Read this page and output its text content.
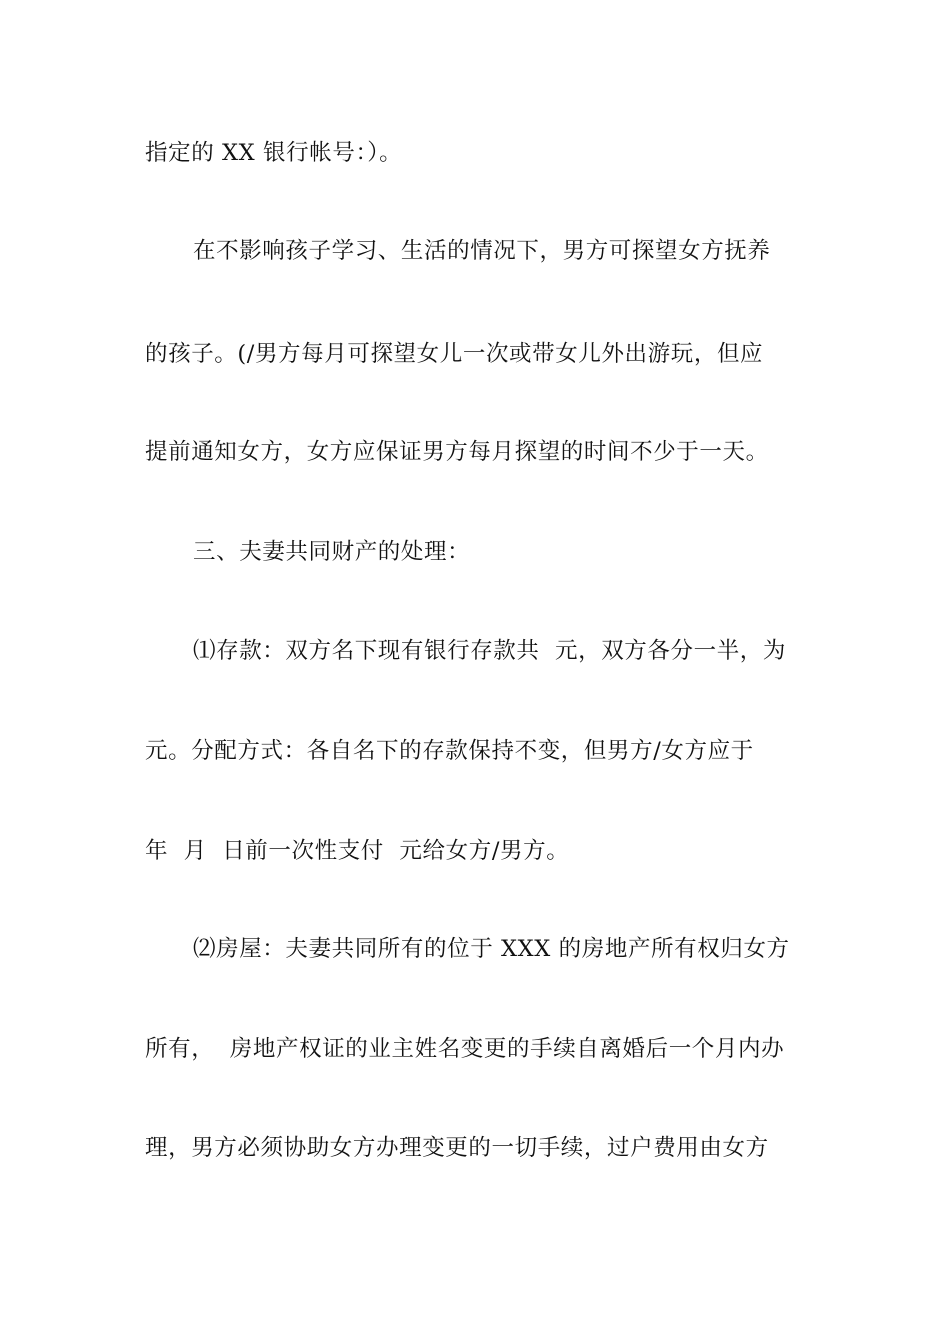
指定的 XX 银行帐号：）。
在不影响孩子学习、生活的情况下，男方可探望女方抚养
的孩子。(/男方每月可探望女儿一次或带女儿外出游玩，但应
提前通知女方，女方应保证男方每月探望的时间不少于一天。
三、夫妻共同财产的处理：
⑴存款：双方名下现有银行存款共  元，双方各分一半，为
元。分配方式：各自名下的存款保持不变，但男方/女方应于
年  月  日前一次性支付  元给女方/男方。
⑵房屋：夫妻共同所有的位于 XXX 的房地产所有权归女方
所有，  房地产权证的业主姓名变更的手续自离婚后一个月内办
理，男方必须协助女方办理变更的一切手续，过户费用由女方
